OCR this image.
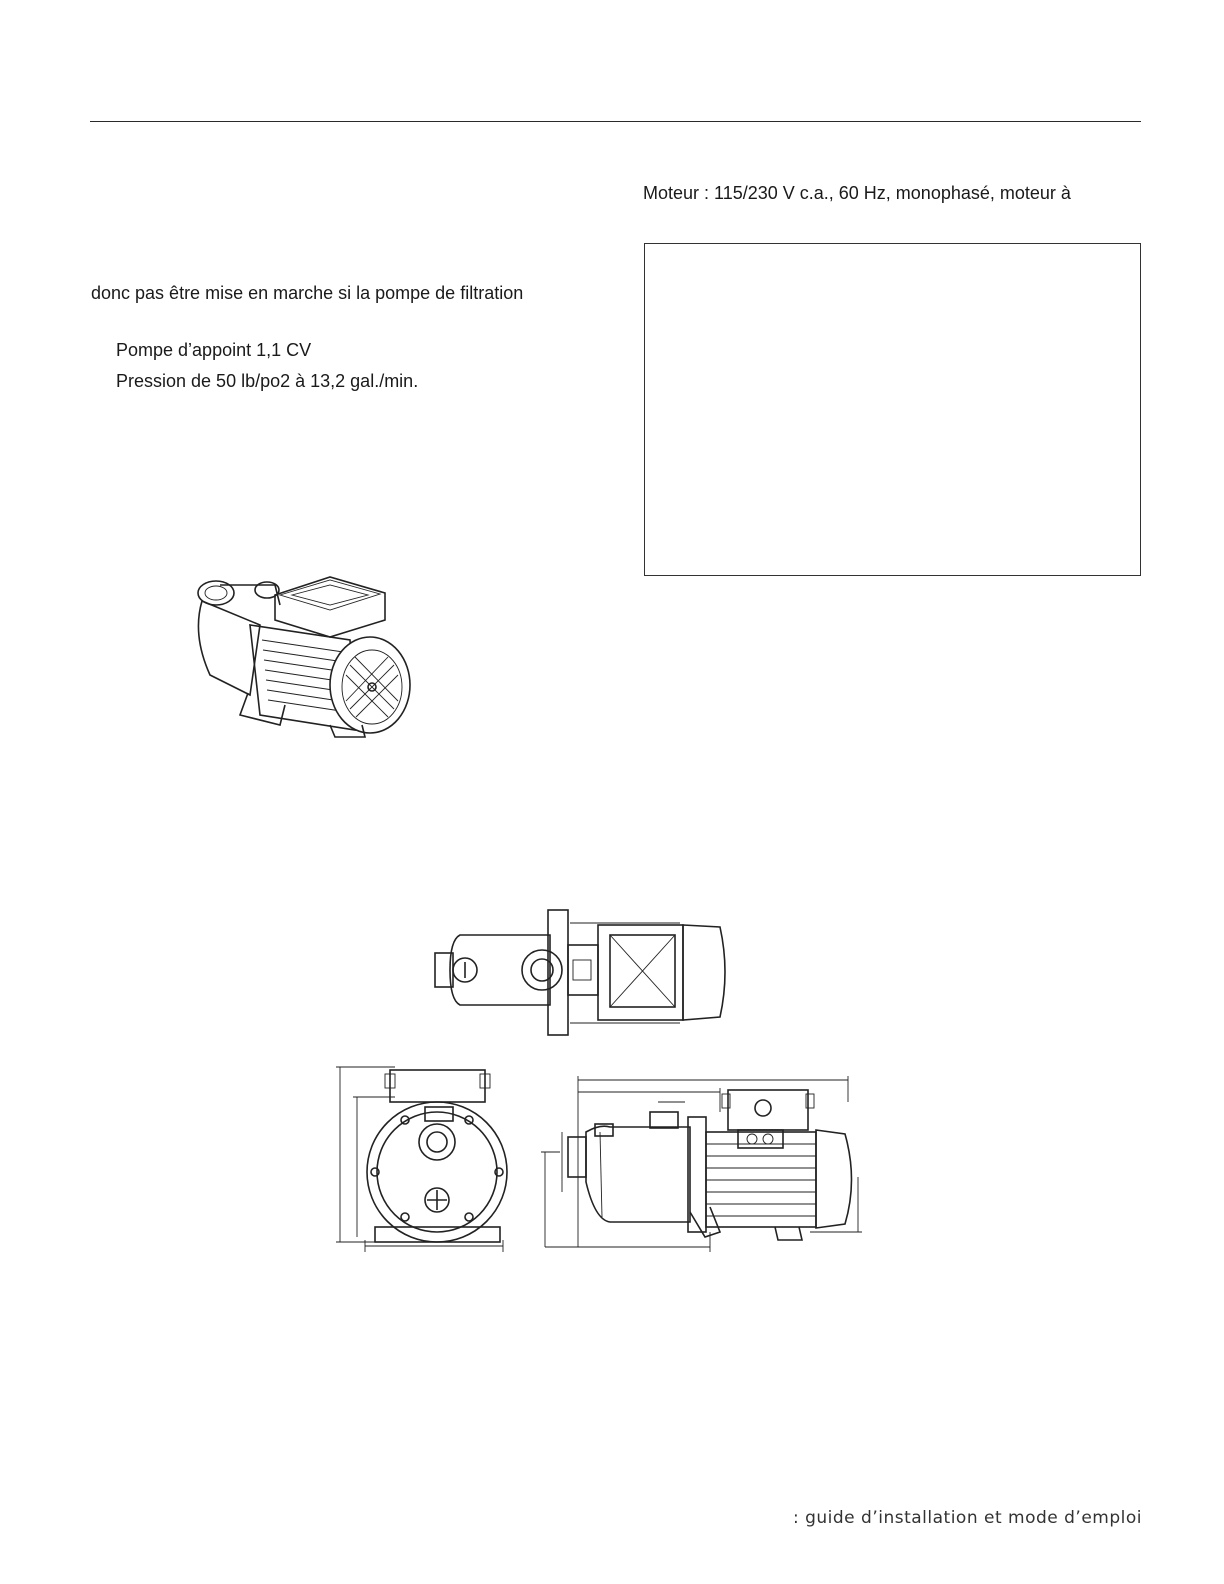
Moteur : 115/230 V c.a., 60 Hz, monophasé, moteur à
donc pas être mise en marche si la pompe de filtration
Pompe d’appoint 1,1 CV
Pression de 50 lb/po2 à 13,2 gal./min.
: guide d’installation et mode d’emploi
